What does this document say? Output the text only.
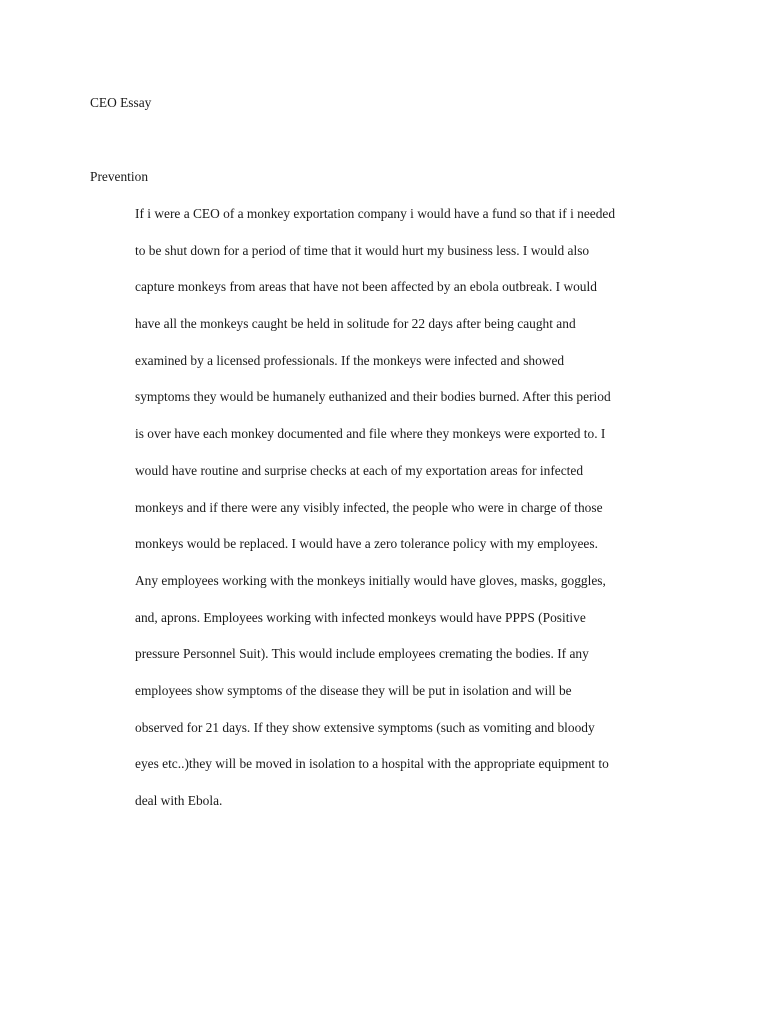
CEO Essay
Prevention
If i were a CEO of a monkey exportation company i would have a fund so that if i needed
to be shut down for a period of time that it would hurt my business less. I would also
capture monkeys from areas that have not been affected by an ebola outbreak. I would
have all the monkeys caught be held in solitude for 22 days after being caught and
examined by a licensed professionals. If the monkeys were infected and showed
symptoms they would be humanely euthanized and their bodies burned. After this period
is over have each monkey documented and file where they monkeys were exported to. I
would have routine and surprise checks at each of my exportation areas for infected
monkeys and if there were any visibly infected, the people who were in charge of those
monkeys would be replaced. I would have a zero tolerance policy with my employees.
Any employees working with the monkeys initially would have gloves, masks, goggles,
and, aprons. Employees working with infected monkeys would have PPPS (Positive
pressure Personnel Suit). This would include employees cremating the bodies. If any
employees show symptoms of the disease they will be put in isolation and will be
observed for 21 days. If they show extensive symptoms (such as vomiting and bloody
eyes etc..)they will be moved in isolation to a hospital with the appropriate equipment to
deal with Ebola.
